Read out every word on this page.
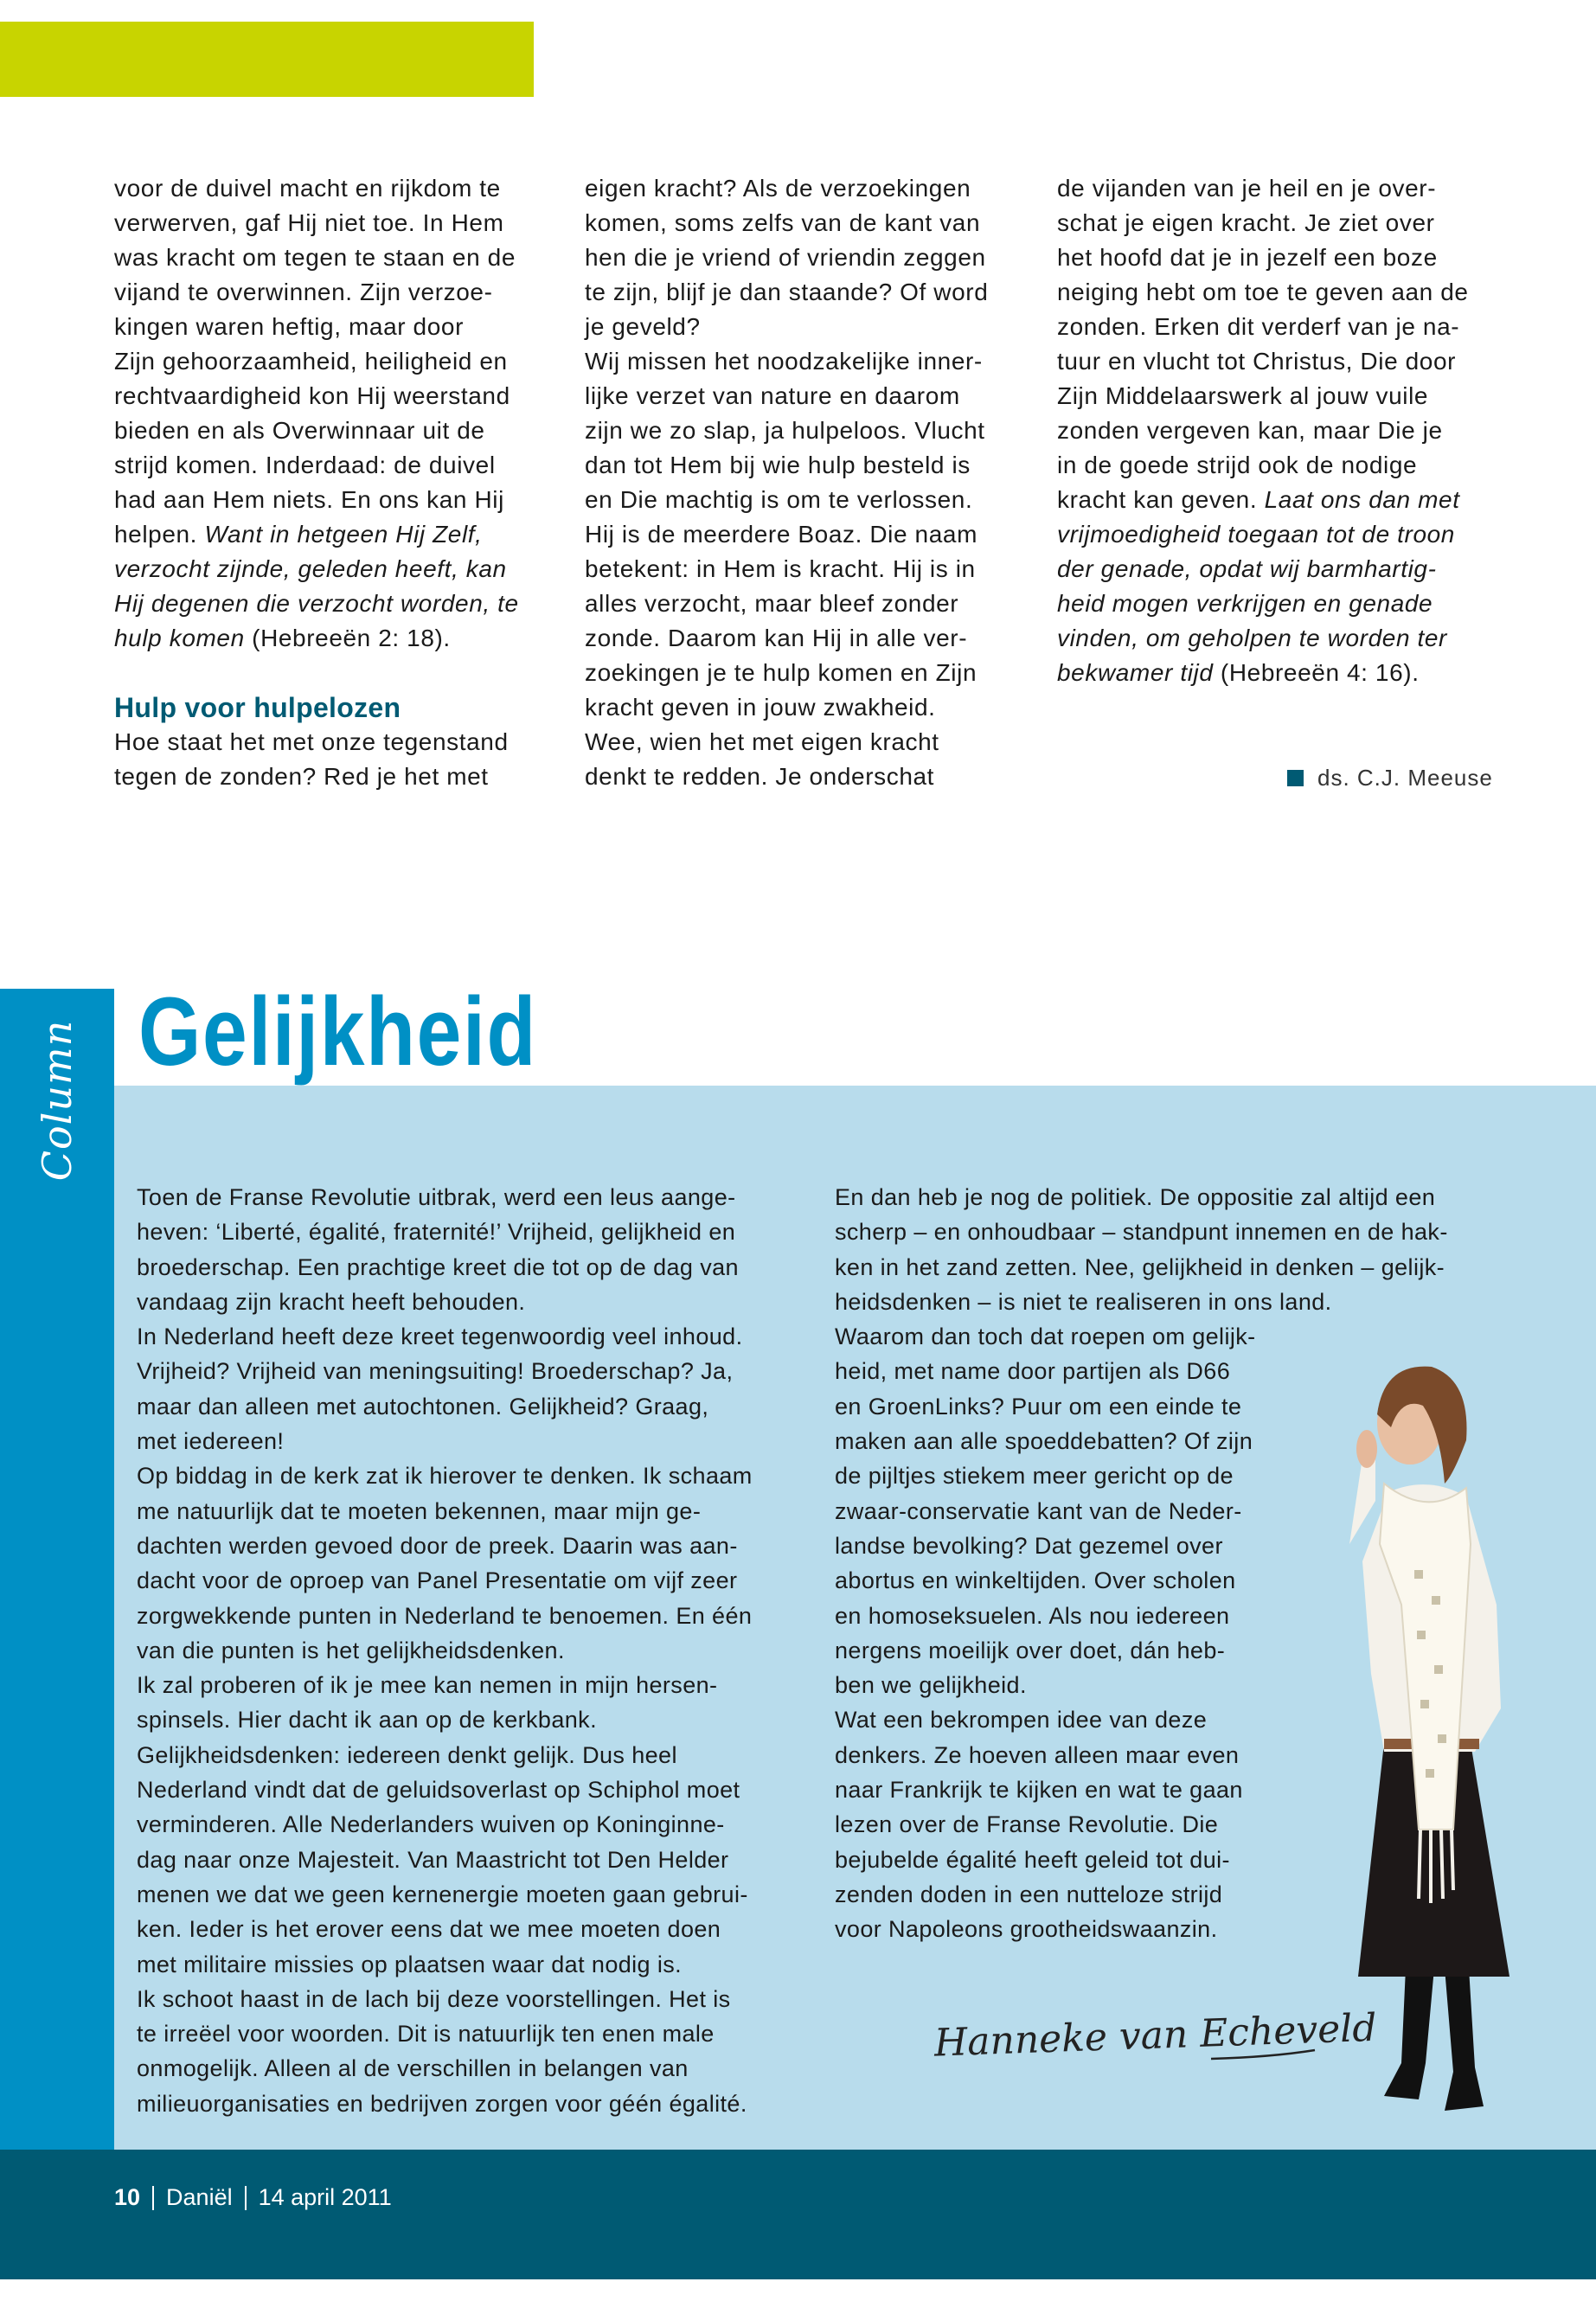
voor de duivel macht en rijkdom te
verwerven, gaf Hij niet toe. In Hem
was kracht om tegen te staan en de
vijand te overwinnen. Zijn verzoe-
kingen waren heftig, maar door
Zijn gehoorzaamheid, heiligheid en
rechtvaardigheid kon Hij weerstand
bieden en als Overwinnaar uit de
strijd komen. Inderdaad: de duivel
had aan Hem niets. En ons kan Hij
helpen. Want in hetgeen Hij Zelf,
verzocht zijnde, geleden heeft, kan
Hij degenen die verzocht worden, te
hulp komen (Hebreeën 2: 18).
Hulp voor hulpelozen
Hoe staat het met onze tegenstand
tegen de zonden? Red je het met
eigen kracht? Als de verzoekingen
komen, soms zelfs van de kant van
hen die je vriend of vriendin zeggen
te zijn, blijf je dan staande? Of word
je geveld?
Wij missen het noodzakelijke inner-
lijke verzet van nature en daarom
zijn we zo slap, ja hulpeloos. Vlucht
dan tot Hem bij wie hulp besteld is
en Die machtig is om te verlossen.
Hij is de meerdere Boaz. Die naam
betekent: in Hem is kracht. Hij is in
alles verzocht, maar bleef zonder
zonde. Daarom kan Hij in alle ver-
zoekingen je te hulp komen en Zijn
kracht geven in jouw zwakheid.
Wee, wien het met eigen kracht
denkt te redden. Je onderschat
de vijanden van je heil en je over-
schat je eigen kracht. Je ziet over
het hoofd dat je in jezelf een boze
neiging hebt om toe te geven aan de
zonden. Erken dit verderf van je na-
tuur en vlucht tot Christus, Die door
Zijn Middelaarswerk al jouw vuile
zonden vergeven kan, maar Die je
in de goede strijd ook de nodige
kracht kan geven. Laat ons dan met
vrijmoedigheid toegaan tot de troon
der genade, opdat wij barmhartig-
heid mogen verkrijgen en genade
vinden, om geholpen te worden ter
bekwamer tijd (Hebreeën 4: 16).
ds. C.J. Meeuse
Column Gelijkheid
Toen de Franse Revolutie uitbrak, werd een leus aange-
heven: ‘Liberté, égalité, fraternité!’ Vrijheid, gelijkheid en
broederschap. Een prachtige kreet die tot op de dag van
vandaag zijn kracht heeft behouden.
In Nederland heeft deze kreet tegenwoordig veel inhoud.
Vrijheid? Vrijheid van meningsuiting! Broederschap? Ja,
maar dan alleen met autochtonen. Gelijkheid? Graag,
met iedereen!
Op biddag in de kerk zat ik hierover te denken. Ik schaam
me natuurlijk dat te moeten bekennen, maar mijn ge-
dachten werden gevoed door de preek. Daarin was aan-
dacht voor de oproep van Panel Presentatie om vijf zeer
zorgwekkende punten in Nederland te benoemen. En één
van die punten is het gelijkheidsdenken.
Ik zal proberen of ik je mee kan nemen in mijn hersen-
spinsels. Hier dacht ik aan op de kerkbank.
Gelijkheidsdenken: iedereen denkt gelijk. Dus heel
Nederland vindt dat de geluidsoverlast op Schiphol moet
verminderen. Alle Nederlanders wuiven op Koninginne-
dag naar onze Majesteit. Van Maastricht tot Den Helder
menen we dat we geen kernenergie moeten gaan gebrui-
ken. Ieder is het erover eens dat we mee moeten doen
met militaire missies op plaatsen waar dat nodig is.
Ik schoot haast in de lach bij deze voorstellingen. Het is
te irreëel voor woorden. Dit is natuurlijk ten enen male
onmogelijk. Alleen al de verschillen in belangen van
milieuorganisaties en bedrijven zorgen voor géén égalité.
En dan heb je nog de politiek. De oppositie zal altijd een
scherp – en onhoudbaar – standpunt innemen en de hak-
ken in het zand zetten. Nee, gelijkheid in denken – gelijk-
heidsdenken – is niet te realiseren in ons land.
Waarom dan toch dat roepen om gelijk-
heid, met name door partijen als D66
en GroenLinks? Puur om een einde te
maken aan alle spoeddebatten? Of zijn
de pijltjes stiekem meer gericht op de
zwaar-conservatie kant van de Neder-
landse bevolking? Dat gezemel over
abortus en winkeltijden. Over scholen
en homoseksuelen. Als nou iedereen
nergens moeilijk over doet, dán heb-
ben we gelijkheid.
Wat een bekrompen idee van deze
denkers. Ze hoeven alleen maar even
naar Frankrijk te kijken en wat te gaan
lezen over de Franse Revolutie. Die
bejubelde égalité heeft geleid tot dui-
zenden doden in een nutteloze strijd
voor Napoleons grootheidswaanzin.
Hanneke van Echeveld
10 Daniël 14 april 2011
